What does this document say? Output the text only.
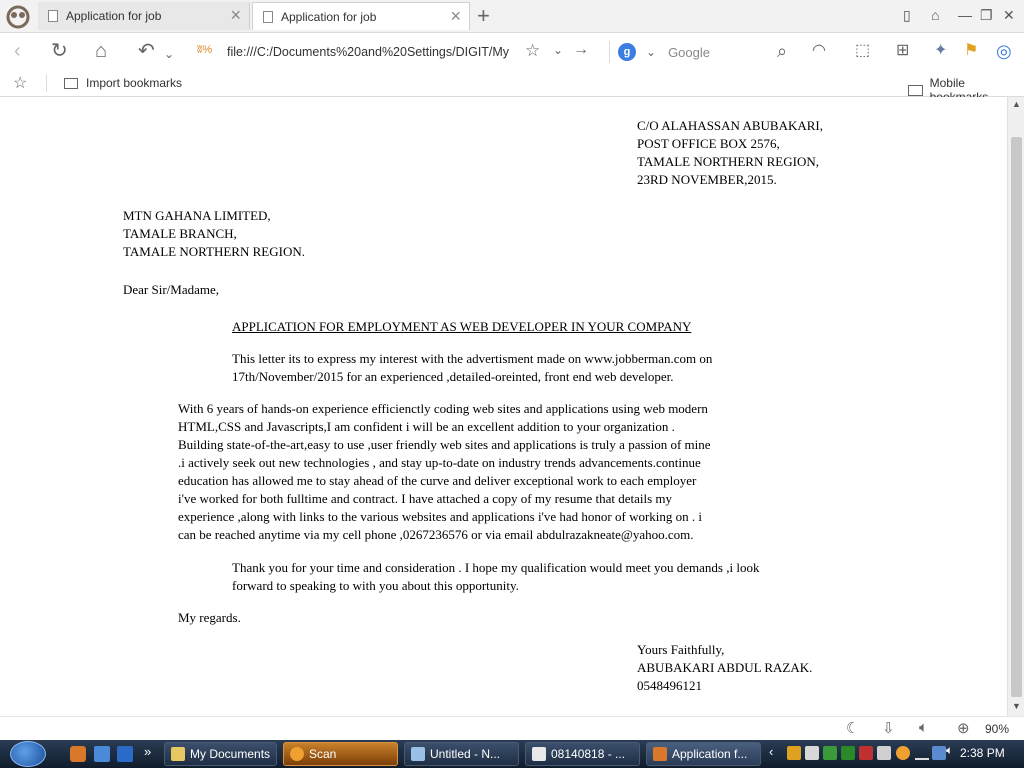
Application for job	×	Application for job	× +	▯ ⌂ — ❐ ✕
‹ ↻ ⌂ ↶ ⌄ ʬ% file:///C:/Documents%20and%20Settings/DIGIT/My ☆ ⌄ →	g	⌄ Google	⌕ ◠ ⬚ ⊞ ✦ ⚑ ◎
☆	Import bookmarks	Mobile
C/O ALAHASSAN ABUBAKARI,
POST OFFICE BOX 2576,
TAMALE NORTHERN REGION,
23RD NOVEMBER,2015.
MTN GAHANA LIMITED,
TAMALE BRANCH,
TAMALE NORTHERN REGION.
Dear Sir/Madame,
APPLICATION FOR EMPLOYMENT AS WEB DEVELOPER IN YOUR COMPANY
This letter its to express my interest with the advertisment made on www.jobberman.com on
17th/November/2015 for an experienced ,detailed-oreinted, front end web developer.
With 6 years of hands-on experience efficienctly coding web sites and applications using web modern
HTML,CSS and Javascripts,I am confident i will be an excellent addition to your organization .
Building state-of-the-art,easy to use ,user friendly web sites and applications is truly a passion of mine
.i actively seek out new technologies , and stay up-to-date on industry trends advancements.continue
education has allowed me to stay ahead of the curve and deliver exceptional work to each employer
i've worked for both fulltime and contract. I have attached a copy of my resume that details my
experience ,along with links to the various websites and applications i've had honor of working on . i
can be reached anytime via my cell phone ,0267236576 or via email abdulrazakneate@yahoo.com.
Thank you for your time and consideration . I hope my qualification would meet you demands ,i look
forward to speaking to with you about this opportunity.
My regards.
Yours Faithfully,
ABUBAKARI ABDUL RAZAK.
0548496121
▲
▼
☾ ⇩ 🔈︎ ⊕ 90%
»	My Documents	Scan	Untitled - N...	08140818 - ...	Application f... ‹	🔈︎ 2:38 PM
